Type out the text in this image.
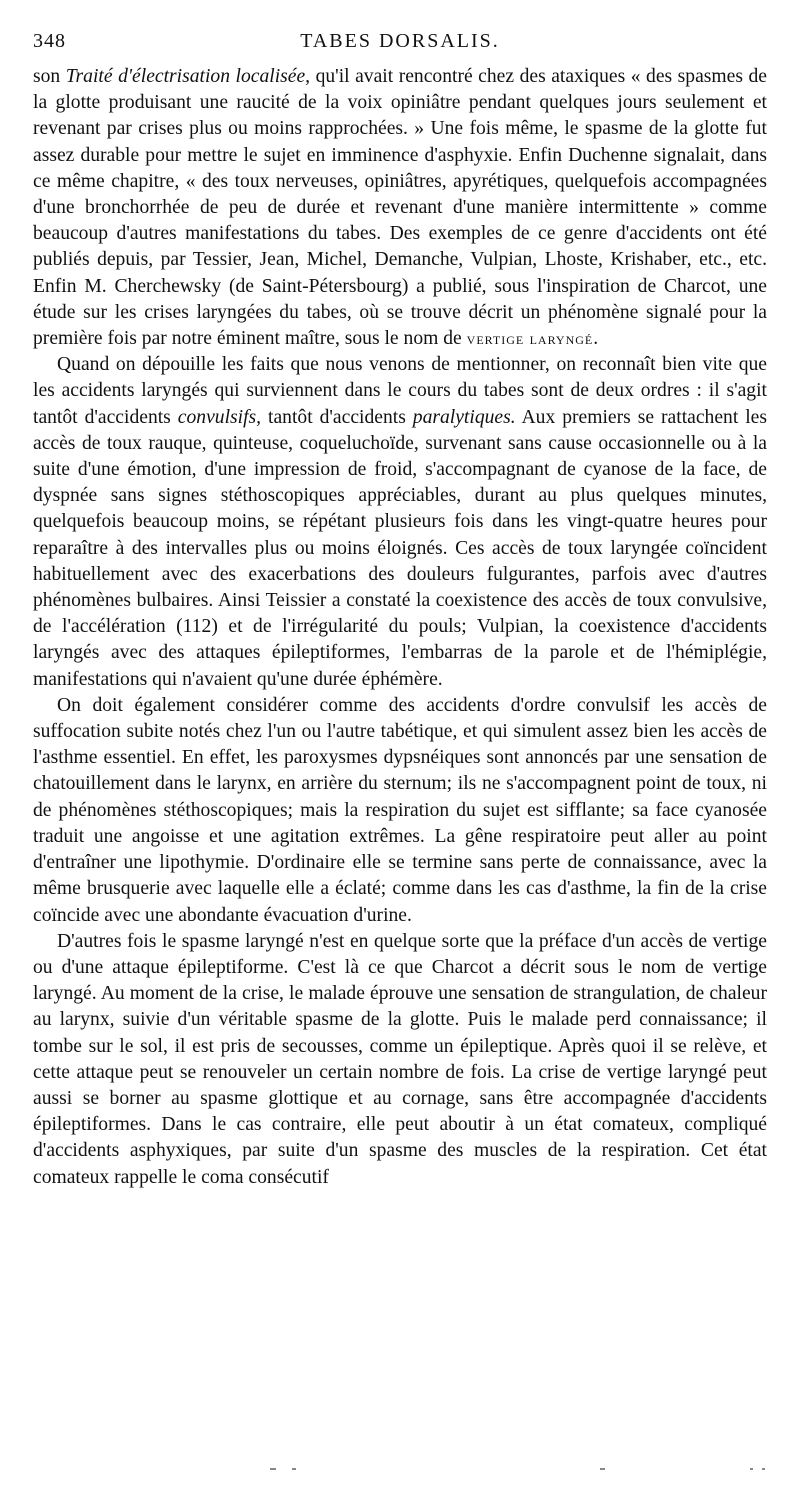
348	TABES DORSALIS.

son Traité d'électrisation localisée, qu'il avait rencontré chez des ataxiques « des spasmes de la glotte produisant une raucité de la voix opiniâtre pendant quelques jours seulement et revenant par crises plus ou moins rapprochées. » Une fois même, le spasme de la glotte fut assez durable pour mettre le sujet en imminence d'asphyxie. Enfin Duchenne signalait, dans ce même chapitre, « des toux nerveuses, opiniâtres, apyrétiques, quelquefois accompagnées d'une bronchorrhée de peu de durée et revenant d'une manière intermittente » comme beaucoup d'autres manifestations du tabes. Des exemples de ce genre d'accidents ont été publiés depuis, par Tessier, Jean, Michel, Demanche, Vulpian, Lhoste, Krishaber, etc., etc. Enfin M. Cherchewsky (de Saint-Pétersbourg) a publié, sous l'inspiration de Charcot, une étude sur les crises laryngées du tabes, où se trouve décrit un phénomène signalé pour la première fois par notre éminent maître, sous le nom de vertige laryngé.

Quand on dépouille les faits que nous venons de mentionner, on reconnaît bien vite que les accidents laryngés qui surviennent dans le cours du tabes sont de deux ordres : il s'agit tantôt d'accidents convulsifs, tantôt d'accidents paralytiques. Aux premiers se rattachent les accès de toux rauque, quinteuse, coqueluchoïde, survenant sans cause occasionnelle ou à la suite d'une émotion, d'une impression de froid, s'accompagnant de cyanose de la face, de dyspnée sans signes stéthoscopiques appréciables, durant au plus quelques minutes, quelquefois beaucoup moins, se répétant plusieurs fois dans les vingt-quatre heures pour reparaître à des intervalles plus ou moins éloignés. Ces accès de toux laryngée coïncident habituellement avec des exacerbations des douleurs fulgurantes, parfois avec d'autres phénomènes bulbaires. Ainsi Teissier a constaté la coexistence des accès de toux convulsive, de l'accélération (112) et de l'irrégularité du pouls; Vulpian, la coexistence d'accidents laryngés avec des attaques épileptiformes, l'embarras de la parole et de l'hémiplégie, manifestations qui n'avaient qu'une durée éphémère.

On doit également considérer comme des accidents d'ordre convulsif les accès de suffocation subite notés chez l'un ou l'autre tabétique, et qui simulent assez bien les accès de l'asthme essentiel. En effet, les paroxysmes dypsnéiques sont annoncés par une sensation de chatouillement dans le larynx, en arrière du sternum; ils ne s'accompagnent point de toux, ni de phénomènes stéthoscopiques; mais la respiration du sujet est sifflante; sa face cyanosée traduit une angoisse et une agitation extrêmes. La gêne respiratoire peut aller au point d'entraîner une lipothymie. D'ordinaire elle se termine sans perte de connaissance, avec la même brusquerie avec laquelle elle a éclaté; comme dans les cas d'asthme, la fin de la crise coïncide avec une abondante évacuation d'urine.

D'autres fois le spasme laryngé n'est en quelque sorte que la préface d'un accès de vertige ou d'une attaque épileptiforme. C'est là ce que Charcot a décrit sous le nom de vertige laryngé. Au moment de la crise, le malade éprouve une sensation de strangulation, de chaleur au larynx, suivie d'un véritable spasme de la glotte. Puis le malade perd connaissance; il tombe sur le sol, il est pris de secousses, comme un épileptique. Après quoi il se relève, et cette attaque peut se renouveler un certain nombre de fois. La crise de vertige laryngé peut aussi se borner au spasme glottique et au cornage, sans être accompagnée d'accidents épileptiformes. Dans le cas contraire, elle peut aboutir à un état comateux, compliqué d'accidents asphyxiques, par suite d'un spasme des muscles de la respiration. Cet état comateux rappelle le coma consécutif
